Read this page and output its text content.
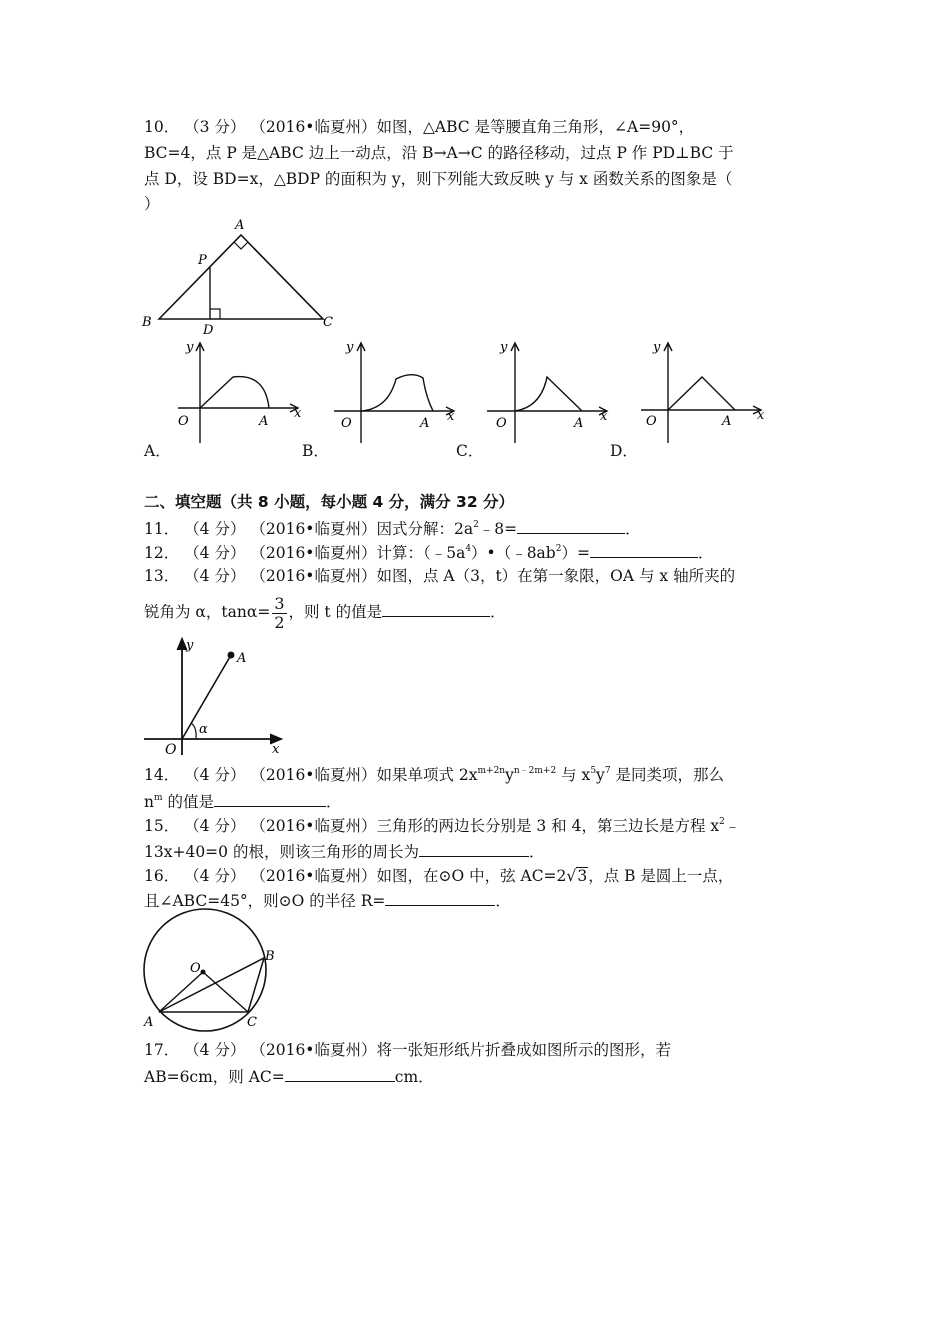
10． （3 分） （2016•临夏州）如图，△ABC 是等腰直角三角形，∠A=90°，
BC=4，点 P 是△ABC 边上一动点，沿 B→A→C 的路径移动，过点 P 作 PD⊥BC 于
点 D，设 BD=x，△BDP 的面积为 y，则下列能大致反映 y 与 x 函数关系的图象是（
）
A
B	C
P
D
y
x
O	A
y
x
O	A
y
x
O	A
y
x
O	A
A．	B．	C．	D．
二、填空题（共 8 小题，每小题 4 分，满分 32 分）
11． （4 分） （2016•临夏州）因式分解：$2a^2﹣8=$	．
12． （4 分） （2016•临夏州）计算：$(﹣5a^4)•(﹣8ab^2)=$	．
13． （4 分） （2016•临夏州）如图，点 A（3，t）在第一象限，OA 与 x 轴所夹的
锐角为 α，$\tan\alpha= \frac{3}{2}$ ，则 t 的值是	．
y
x
O
A
α
14． （4 分） （2016•临夏州）如果单项式 $2x^{m+2n}y^{n﹣2m+2}$ 与 $x^5y^7$ 是同类项，那么
$n^m$ 的值是	．
15． （4 分） （2016•临夏州）三角形的两边长分别是 3 和 4，第三边长是方程 $x^2﹣$
13x+40=0 的根，则该三角形的周长为	．
16． （4 分） （2016•临夏州）如图，在⊙O 中，弦 AC=2√3，点 B 是圆上一点，
且∠ABC=45°，则⊙O 的半径 R=	．
O
A
B
C
17． （4 分） （2016•临夏州）将一张矩形纸片折叠成如图所示的图形，若
AB=6cm，则 AC=	cm．
